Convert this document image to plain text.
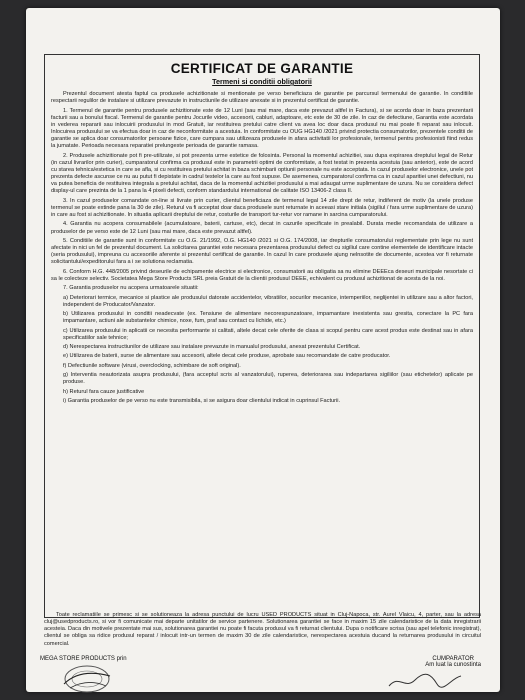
CERTIFICAT DE GARANTIE
Termeni si conditii obligatorii

Prezentul document atesta faptul ca produsele achizitionate si mentionate pe verso beneficiaza de garantie pe parcursul termenului de garantie. In conditiile respectarii regulilor de instalare si utilizare prevazute in instructiunile de utilizare anexate si in prezentul certificat de garantie.

1. Termenul de garantie pentru produsele achizitionate este de 12 Luni (sau mai mare, daca este prevazut altfel in Factura), si se acorda doar in baza prezentarii facturii sau a bonului fiscal. Termenul de garantie pentru Jocurile video, accesorii, cabluri, adaptoare, etc este de 30 de zile. In caz de defectiune, Garantia este acordata in vederea repararii sau inlocuirii produsului in mod Gratuit, iar restituirea pretului catre client va avea loc doar daca produsul nu mai poate fi reparat sau inlocuit. Inlocuirea produsului se va efectua doar in caz de neconformitate a acestuia. In conformitate cu OUG HG140 /2021 privind protectia consumatorilor, prezentele conditii de garantie se aplica doar consumatorilor persoane fizice, care cumpara sau utilizeaza produsele in afara activitatii lor profesionale, termenul pentru profesionisti fiind redus la jumatate. Perioada necesara reparatiei prelungeste perioada de garantie ramasa.

2. Produsele achizitionate pot fi pre-utilizate, si pot prezenta urme estetice de folosinta. Personal la momentul achizitiei, sau dupa expirarea dreptului legal de Retur (in cazul livrarilor prin curier), cumparatorul confirma ca produsul este in parametrii optimi de conformitate, a fost testat in prezenta acestuia (sau anterior), este de acord cu starea tehnica/estetica in care se afla, si cu restituirea pretului achitat in baza schimbarii optiunii personale nu este acceptata. In cazul produselor electronice, unele pot prezenta defecte ascunse ce nu au putut fi depistate in cadrul testelor la care au fost supuse. De asemenea, cumparatorul confirma ca in cazul aparitiei unei defectiuni, nu va putea beneficia de restituirea integrala a pretului achitat, daca de la momentul achizitiei produsului a mai adaugat urme suplimentare de uzura. Nu se considera defect display-ul care prezinta de la 1 pana la 4 pixeli defecti, conform standardului international de calitate ISO 13406-2 clasa II.

3. In cazul produselor comandate on-line si livrate prin curier, clientul beneficiaza de termenul legal 14 zile drept de retur, indiferent de motiv (la unele produse termenul se poate extinde pana la 30 de zile). Returul va fi acceptat doar daca produsele sunt returnate in aceeasi stare initiala (sigiliul / fara urme suplimentare de uzura) in care au fost si achizitionate. In situatia aplicarii dreptului de retur, costurile de transport tur-retur vor ramane in sarcina cumparatorului.

4. Garantia nu acopera consumabilele (acumulatoare, baterii, cartuse, etc), decat in cazurile specificate in prealabil. Durata medie recomandata de utilizare a produselor de pe verso este de 12 Luni (sau mai mare, daca este prevazut altfel).

5. Conditiile de garantie sunt in conformitate cu O.G. 21/1992, O.G. HG140 /2021 si O.G. 174/2008, iar drepturile consumatorului reglementate prin lege nu sunt afectate in nici un fel de prezentul document. La solicitarea garantiei este necesara prezentarea produsului defect cu sigiliul care contine elementele de identificare intacte (seria produsului), impreuna cu accesoriile aferente si prezentul certificat de garantie. In cazul In care produsele ajung nelnsotite de documente, acestea vor fi returnate solicitantului/expeditorului fara a i se solutiona reclamatia.

6. Conform H.G. 448/2005 privind deseurile de echipamente electrice si electronice, consumatorii au obligatia sa nu elimine DEEEca deseuri municipale nesortate ci sa le colecteze selectiv. Societatea Mega Store Products SRL preia Gratuit de la clientii produsul DEEE, echivalent cu produsul achizitionat de acesta de la noi.

7. Garantia produselor nu acopera urmatoarele situatii:

a) Deteriorari termice, mecanice si plastice ale produsului datorate accidentelor, vibratiilor, socurilor mecanice, intemperiilor, neglijentei in utilizare sau a altor factori, independent de Producator/Vanzator.

b) Utilizarea produsului in conditii neadecvate (ex. Tensiune de alimentare necorespunzatoare, impamantare inexistenta sau gresita, conectare la PC fara impamantare, actiuni ale substantelor chimice, noxe, fum, praf sau contact cu lichide, etc.)

c) Utilizarea produsului in aplicatii ce necesita performante si calitati, altele decat cele oferite de clasa si scopul pentru care acest produs este destinat sau in afara specificatiilor sale tehnice;

d) Nerespectarea instructiunilor de utilizare sau instalare prevazute in manualul produsului, anexat prezentului Certificat.

e) Utilizarea de baterii, surse de alimentare sau accesorii, altele decat cele produse, aprobate sau recomandate de catre producator.

f) Defectiunile software (virusi, overclocking, schimbare de soft original).

g) Interventia neautorizata asupra produsului, (fara acceptul scris al vanzatorului), ruperea, deteriorarea sau indepartarea sigiliilor (sau etichetelor) aplicate pe produse.

h) Returul fara cauze justificative

i) Garantia produselor de pe verso nu este transmisibila, si se asigura doar clientului indicat in cuprinsul Facturii.

Toate reclamatiile se primesc si se solutioneaza la adresa punctului de lucru USED PRODUCTS situat in Cluj-Napoca, str. Aurel Vlaicu, 4, parter, sau la adresa cluj@usedproducts.ro, si vor fi comunicate mai departe unitatilor de service partenere. Solutionarea garantiei se face in maxim 15 zile calendaristice de la data inregistrarii acesteia. Daca din motivele prezentate mai sus, solutionarea garantiei nu poate fi facuta produsul va fi returnat clientului. Dupa o notificare scrisa (sau apel telefonic inregistrat), clientul se obliga sa ridice produsul reparat / inlocuit intr-un termen de maxim 30 de zile calendaristice, nerespectarea acestuia ducand la returnarea produsului in circuitul comercial.
MEGA STORE PRODUCTS prin	CUMPARATOR
Am luat la cunostinta
